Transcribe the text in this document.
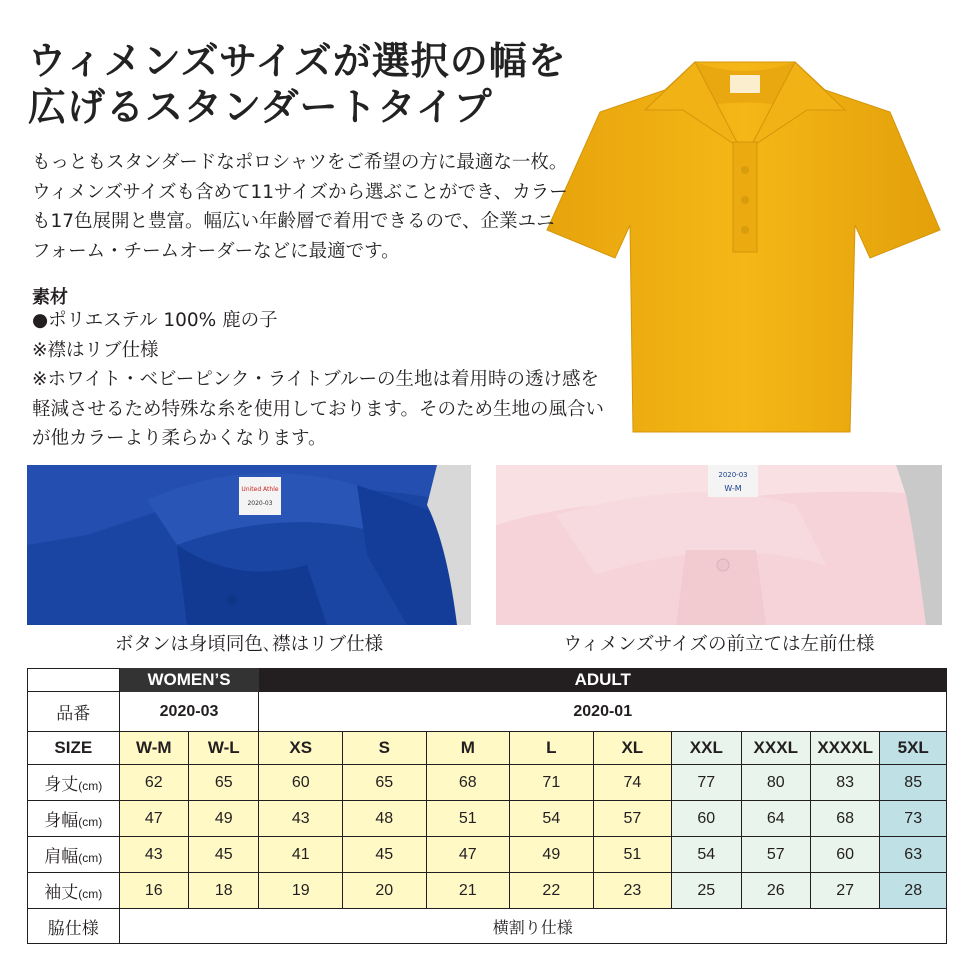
ウィメンズサイズが選択の幅を
広げるスタンダートタイプ
もっともスタンダードなポロシャツをご希望の方に最適な一枚。
ウィメンズサイズも含めて11サイズから選ぶことができ、カラー
も17色展開と豊富。幅広い年齢層で着用できるので、企業ユニ
フォーム・チームオーダーなどに最適です。
素材
●ポリエステル 100% 鹿の子
※襟はリブ仕様
※ホワイト・ベビーピンク・ライトブルーの生地は着用時の透け感を
軽減させるため特殊な糸を使用しております。そのため生地の風合い
が他カラーより柔らかくなります。
United Athle
2020-03
2020-03
W-M
ボタンは身頃同色､襟はリブ仕様	ウィメンズサイズの前立ては左前仕様
	WOMEN’S		ADULT								
品番	2020-03		2020-01								
SIZE	W-M	W-L	XS	S	M	L	XL	XXL	XXXL	XXXXL	5XL
身丈(cm)	62	65	60	65	68	71	74	77	80	83	85
身幅(cm)	47	49	43	48	51	54	57	60	64	68	73
肩幅(cm)	43	45	41	45	47	49	51	54	57	60	63
袖丈(cm)	16	18	19	20	21	22	23	25	26	27	28
脇仕様	横割り仕様										
